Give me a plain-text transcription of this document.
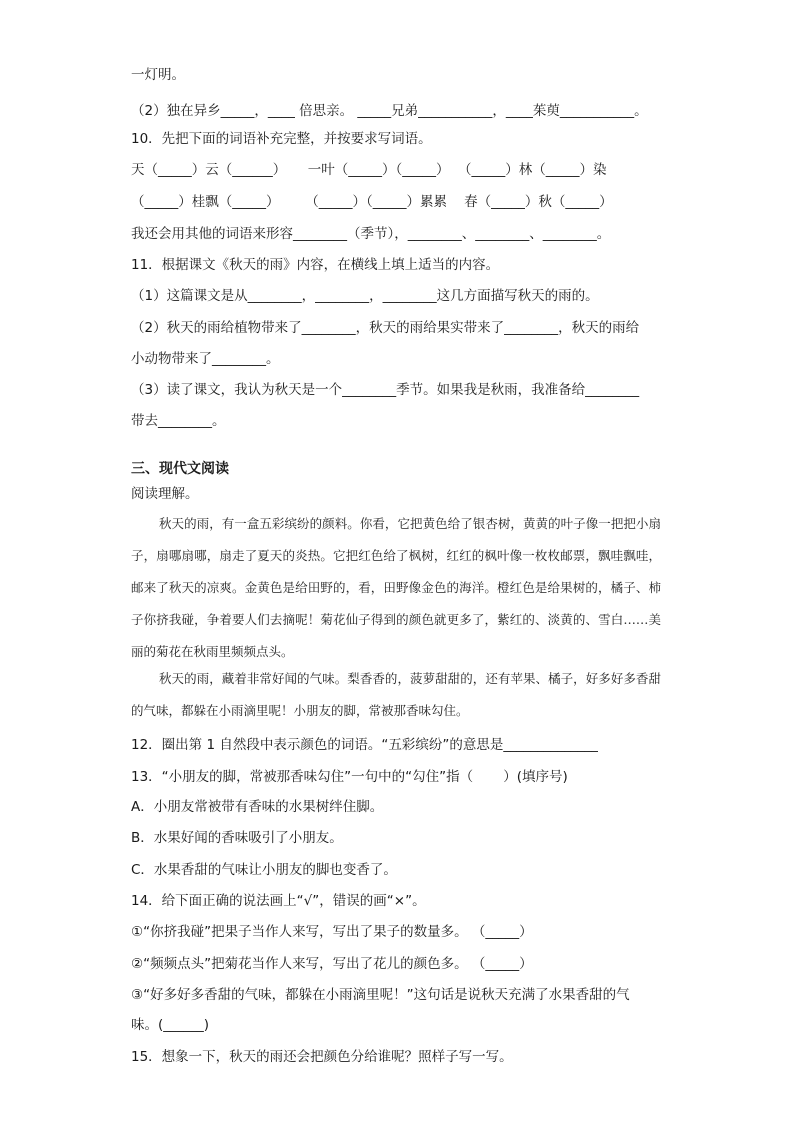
一灯明。
（2）独在异乡_____，____ 倍思亲。 _____兄弟___________，____茱萸___________。
10．先把下面的词语补充完整，并按要求写词语。
天（_____）云（______）     一叶（_____）（_____）  （_____）林（_____）染
（_____）桂飘（_____）      （_____）（_____）累累    春（_____）秋（_____）
我还会用其他的词语来形容________（季节），________、________、________。
11．根据课文《秋天的雨》内容，在横线上填上适当的内容。
（1）这篇课文是从________，________，________这几方面描写秋天的雨的。
（2）秋天的雨给植物带来了________，秋天的雨给果实带来了________，秋天的雨给
小动物带来了________。
（3）读了课文，我认为秋天是一个________季节。如果我是秋雨，我准备给________
带去________。
三、现代文阅读
阅读理解。
秋天的雨，有一盒五彩缤纷的颜料。你看，它把黄色给了银杏树，黄黄的叶子像一把把小扇子，扇哪扇哪，扇走了夏天的炎热。它把红色给了枫树，红红的枫叶像一枚枚邮票，飘哇飘哇，邮来了秋天的凉爽。金黄色是给田野的，看，田野像金色的海洋。橙红色是给果树的，橘子、柿子你挤我碰，争着要人们去摘呢！菊花仙子得到的颜色就更多了，紫红的、淡黄的、雪白……美丽的菊花在秋雨里频频点头。
秋天的雨，藏着非常好闻的气味。梨香香的，菠萝甜甜的，还有苹果、橘子，好多好多香甜的气味，都躲在小雨滴里呢！小朋友的脚，常被那香味勾住。
12．圈出第 1 自然段中表示颜色的词语。“五彩缤纷”的意思是______________
13．“小朋友的脚，常被那香味勾住”一句中的“勾住”指（       ）(填序号)
A．小朋友常被带有香味的水果树绊住脚。
B．水果好闻的香味吸引了小朋友。
C．水果香甜的气味让小朋友的脚也变香了。
14．给下面正确的说法画上“√”，错误的画“×”。
①“你挤我碰”把果子当作人来写，写出了果子的数量多。 （_____）
②“频频点头”把菊花当作人来写，写出了花儿的颜色多。 （_____）
③“好多好多香甜的气味，都躲在小雨滴里呢！”这句话是说秋天充满了水果香甜的气
味。(______)
15．想象一下，秋天的雨还会把颜色分给谁呢？照样子写一写。
